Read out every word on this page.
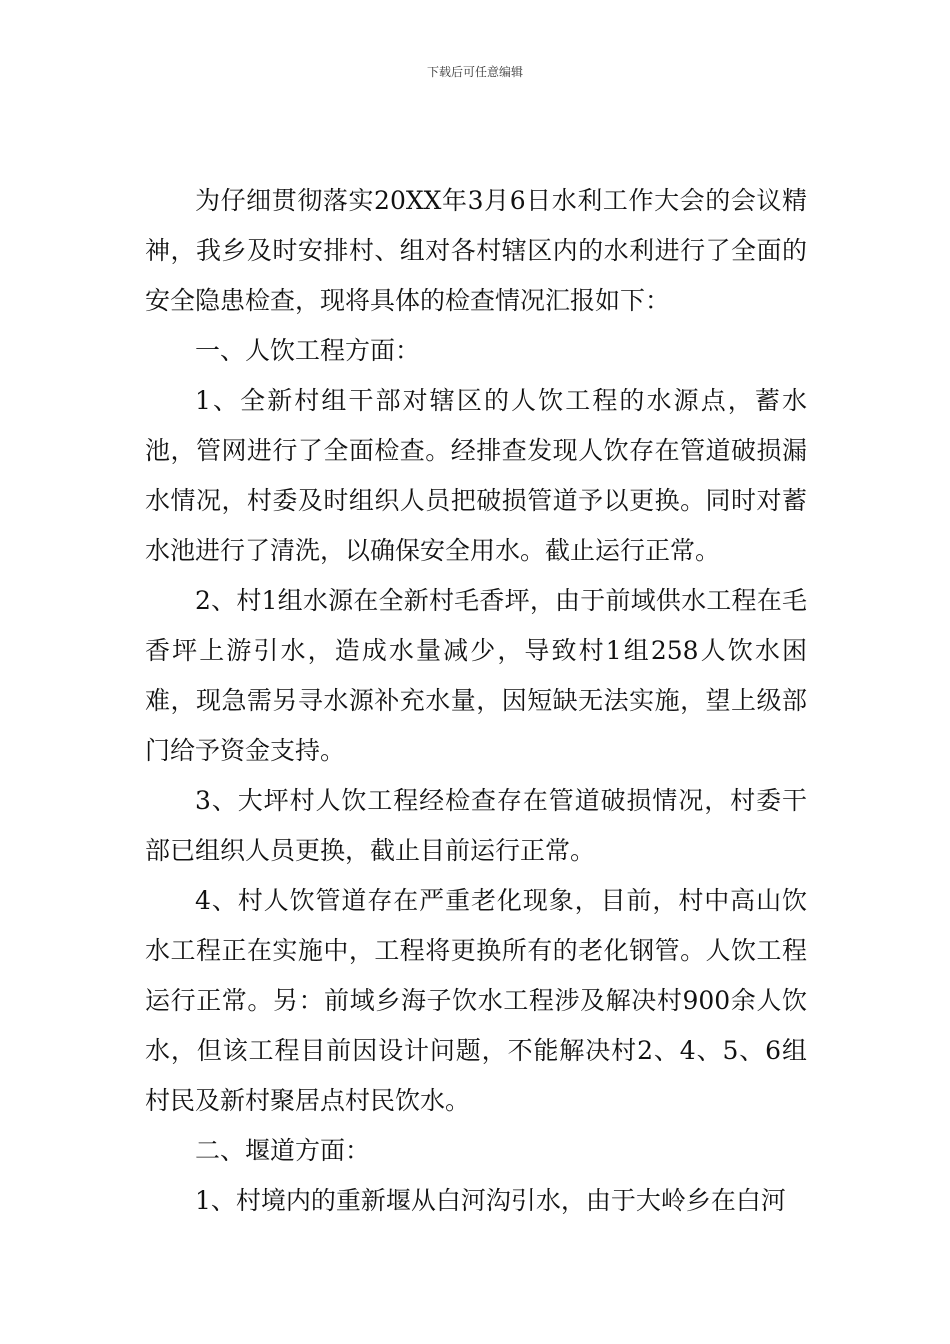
下载后可任意编辑

为仔细贯彻落实20XX年3月6日水利工作大会的会议精神，我乡及时安排村、组对各村辖区内的水利进行了全面的安全隐患检查，现将具体的检查情况汇报如下：

一、人饮工程方面：

1、全新村组干部对辖区的人饮工程的水源点，蓄水池，管网进行了全面检查。经排查发现人饮存在管道破损漏水情况，村委及时组织人员把破损管道予以更换。同时对蓄水池进行了清洗，以确保安全用水。截止运行正常。

2、村1组水源在全新村毛香坪，由于前域供水工程在毛香坪上游引水，造成水量减少，导致村1组258人饮水困难，现急需另寻水源补充水量，因短缺无法实施，望上级部门给予资金支持。

3、大坪村人饮工程经检查存在管道破损情况，村委干部已组织人员更换，截止目前运行正常。

4、村人饮管道存在严重老化现象，目前，村中高山饮水工程正在实施中，工程将更换所有的老化钢管。人饮工程运行正常。另：前域乡海子饮水工程涉及解决村900余人饮水，但该工程目前因设计问题，不能解决村2、4、5、6组村民及新村聚居点村民饮水。

二、堰道方面：

1、村境内的重新堰从白河沟引水，由于大岭乡在白河
